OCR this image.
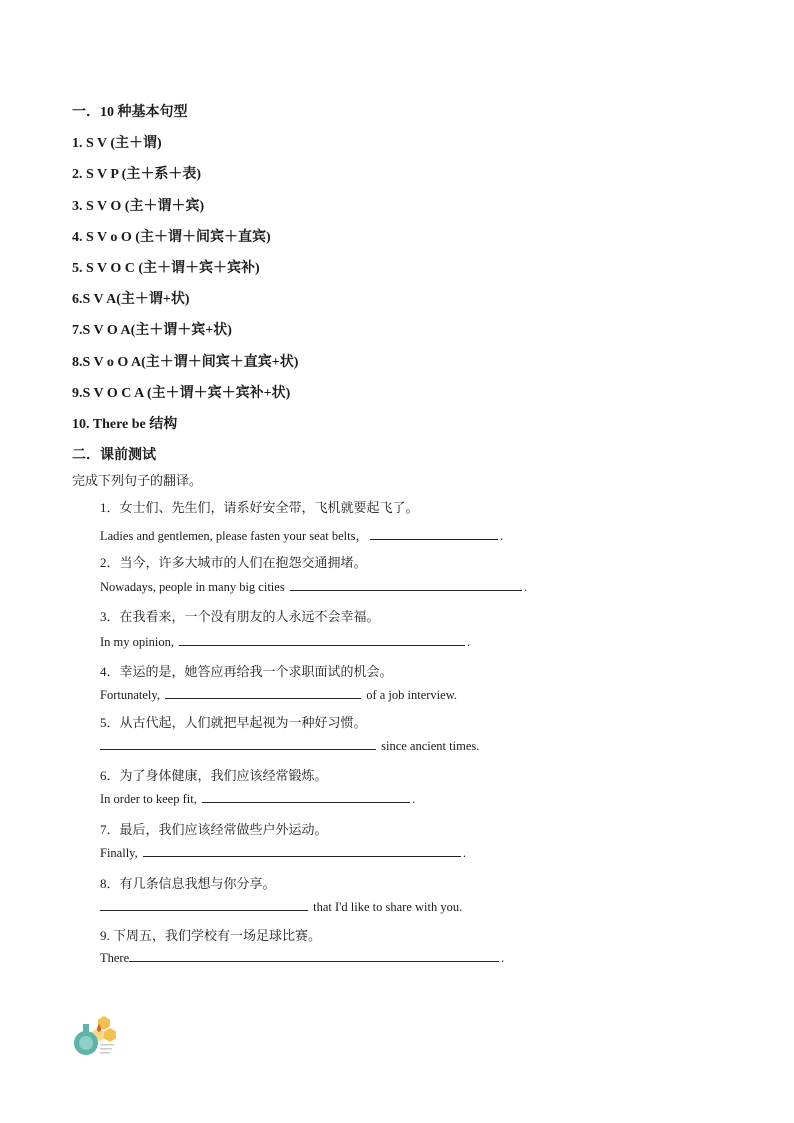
一．10 种基本句型
1. S V (主＋谓)
2. S V P (主＋系＋表)
3. S V O (主＋谓＋宾)
4. S V o O (主＋谓＋间宾＋直宾)
5. S V O C (主＋谓＋宾＋宾补)
6.S V A(主＋谓+状)
7.S V O A(主＋谓＋宾+状)
8.S V o O A(主＋谓＋间宾＋直宾+状)
9.S V O C A (主＋谓＋宾＋宾补+状)
10. There be 结构
二．课前测试
完成下列句子的翻译。
1．女士们、先生们，请系好安全带，飞机就要起飞了。
Ladies and gentlemen, please fasten your seat belts，	.
2．当今，许多大城市的人们在抱怨交通拥堵。
Nowadays, people in many big cities	.
3．在我看来，一个没有朋友的人永远不会幸福。
In my opinion,	.
4．幸运的是，她答应再给我一个求职面试的机会。
Fortunately,	of a job interview.
5．从古代起，人们就把早起视为一种好习惯。
since ancient times.
6．为了身体健康，我们应该经常锻炼。
In order to keep fit,	.
7．最后，我们应该经常做些户外运动。
Finally,	.
8．有几条信息我想与你分享。
that I'd like to share with you.
9. 下周五，我们学校有一场足球比赛。
There	.
